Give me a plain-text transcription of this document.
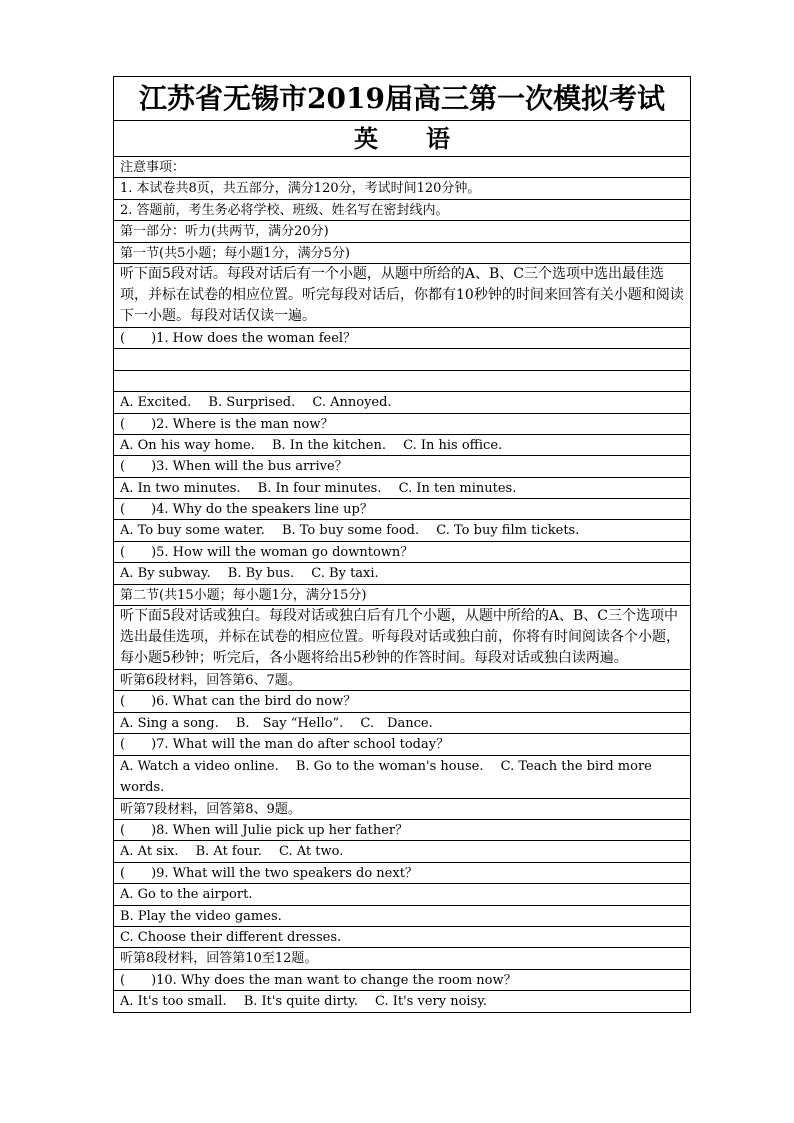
江苏省无锡市2019届高三第一次模拟考试
英语
注意事项：
1. 本试卷共8页，共五部分，满分120分，考试时间120分钟。
2. 答题前，考生务必将学校、班级、姓名写在密封线内。
第一部分：听力(共两节，满分20分)
第一节(共5小题；每小题1分，满分5分)
听下面5段对话。每段对话后有一个小题，从题中所给的A、B、C三个选项中选出最佳选项，并标在试卷的相应位置。听完每段对话后，你都有10秒钟的时间来回答有关小题和阅读下一小题。每段对话仅读一遍。
(　　)1. How does the woman feel？
A. Excited.　 B. Surprised.　 C. Annoyed.
(　　)2. Where is the man now？
A. On his way home.　 B. In the kitchen.　 C. In his office.
(　　)3. When will the bus arrive？
A. In two minutes.　 B. In four minutes.　 C. In ten minutes.
(　　)4. Why do the speakers line up？
A. To buy some water.　 B. To buy some food.　 C. To buy film tickets.
(　　)5. How will the woman go downtown？
A. By subway.　 B. By bus.　 C. By taxi.
第二节(共15小题；每小题1分，满分15分)
听下面5段对话或独白。每段对话或独白后有几个小题，从题中所给的A、B、C三个选项中选出最佳选项，并标在试卷的相应位置。听每段对话或独白前，你将有时间阅读各个小题，每小题5秒钟；听完后，各小题将给出5秒钟的作答时间。每段对话或独白读两遍。
听第6段材料，回答第6、7题。
(　　)6. What can the bird do now？
A. Sing a song.　 B.　Say “Hello”.　 C.　Dance.
(　　)7. What will the man do after school today？
A. Watch a video online.　 B. Go to the woman's house.　 C. Teach the bird more words.
听第7段材料，回答第8、9题。
(　　)8. When will Julie pick up her father？
A. At six.　 B. At four.　 C. At two.
(　　)9. What will the two speakers do next？
A. Go to the airport.
B. Play the video games.
C. Choose their different dresses.
听第8段材料，回答第10至12题。
(　　)10. Why does the man want to change the room now？
A. It's too small.　 B. It's quite dirty.　 C. It's very noisy.
